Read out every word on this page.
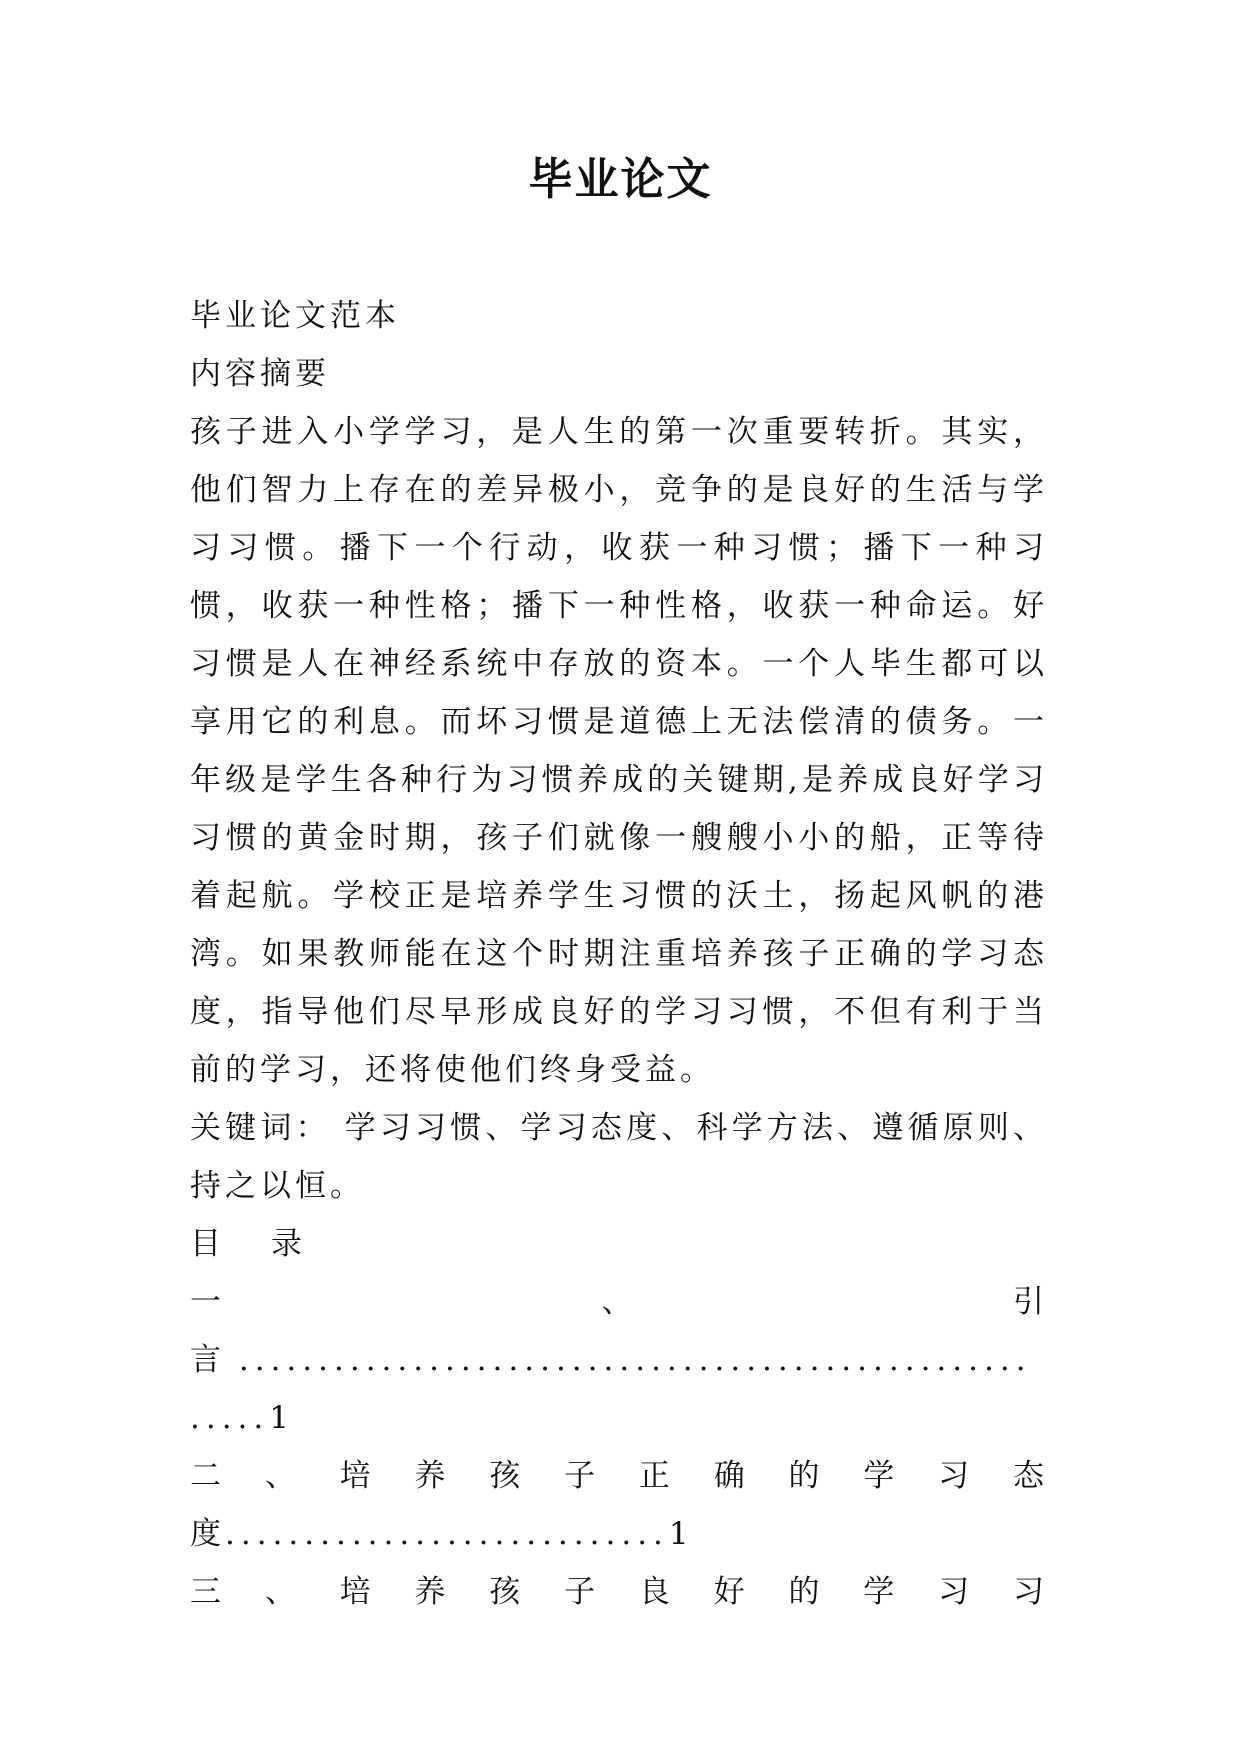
毕业论文

毕业论文范本

内容摘要

孩子进入小学学习，是人生的第一次重要转折。其实，他们智力上存在的差异极小，竞争的是良好的生活与学习习惯。播下一个行动，收获一种习惯；播下一种习惯，收获一种性格；播下一种性格，收获一种命运。好习惯是人在神经系统中存放的资本。一个人毕生都可以享用它的利息。而坏习惯是道德上无法偿清的债务。一年级是学生各种行为习惯养成的关键期,是养成良好学习习惯的黄金时期，孩子们就像一艘艘小小的船，正等待着起航。学校正是培养学生习惯的沃土，扬起风帆的港湾。如果教师能在这个时期注重培养孩子正确的学习态度，指导他们尽早形成良好的学习习惯，不但有利于当前的学习，还将使他们终身受益。

关键词： 学习习惯、学习态度、科学方法、遵循原则、持之以恒。

目 录

一	、	引
言 ..................................................
.....1
二 、 培 养 孩 子 正 确 的 学 习 态
度............................1
三 、 培 养 孩 子 良 好 的 学 习 习
